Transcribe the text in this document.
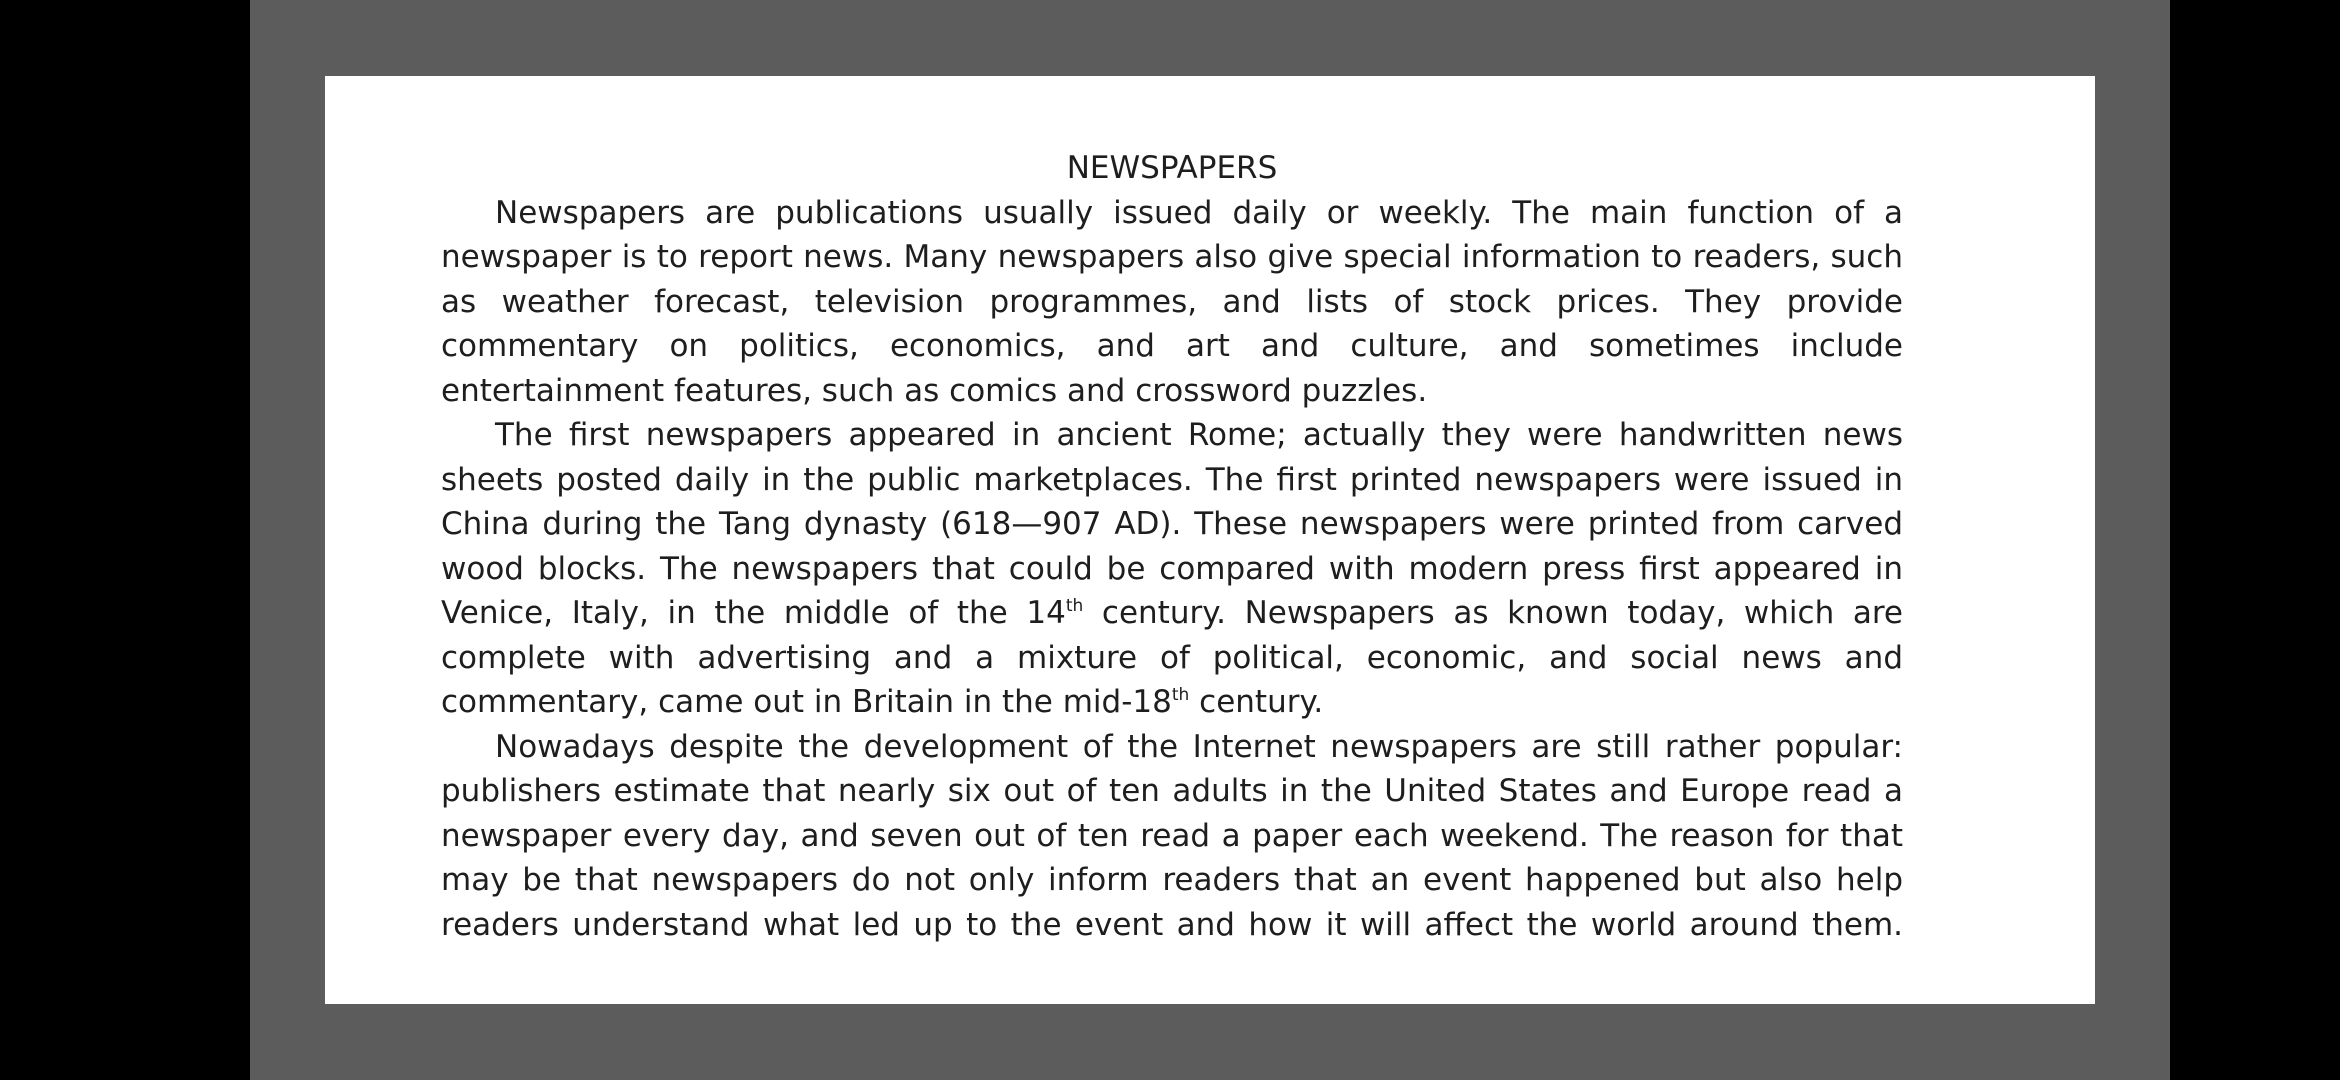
NEWSPAPERS

Newspapers are publications usually issued daily or weekly. The main function of a newspaper is to report news. Many newspapers also give special information to readers, such as weather forecast, television programmes, and lists of stock prices. They provide commentary on politics, economics, and art and culture, and sometimes include entertainment features, such as comics and crossword puzzles.

The first newspapers appeared in ancient Rome; actually they were handwritten news sheets posted daily in the public marketplaces. The first printed newspapers were issued in China during the Tang dynasty (618—907 AD). These newspapers were printed from carved wood blocks. The newspapers that could be compared with modern press first appeared in Venice, Italy, in the middle of the 14th century. Newspapers as known today, which are complete with advertising and a mixture of political, economic, and social news and commentary, came out in Britain in the mid-18th century.

Nowadays despite the development of the Internet newspapers are still rather popular: publishers estimate that nearly six out of ten adults in the United States and Europe read a newspaper every day, and seven out of ten read a paper each weekend. The reason for that may be that newspapers do not only inform readers that an event happened but also help readers understand what led up to the event and how it will affect the world around them.
